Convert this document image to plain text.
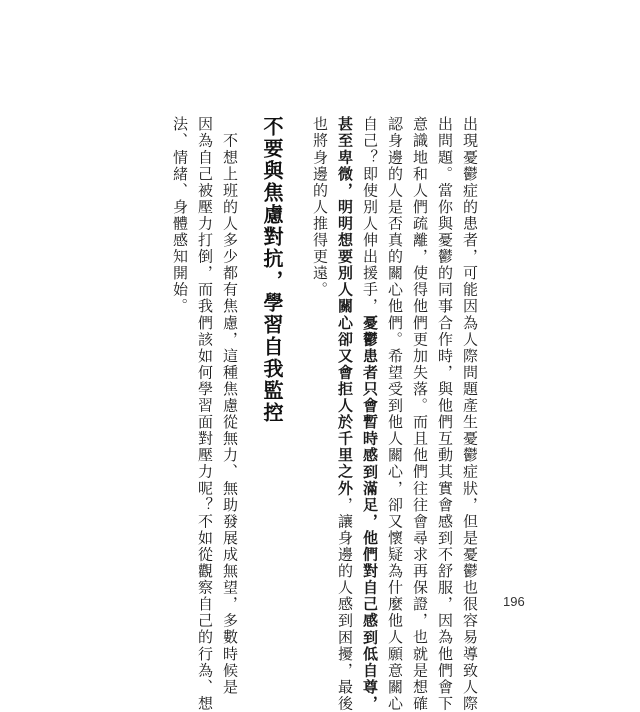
出現憂鬱症的患者，可能因為人際問題產生憂鬱症狀，但是憂鬱也很容易導致人際
出問題。當你與憂鬱的同事合作時，與他們互動其實會感到不舒服，因為他們會下
意識地和人們疏離，使得他們更加失落。而且他們往往會尋求再保證，也就是想確
認身邊的人是否真的關心他們。希望受到他人關心，卻又懷疑為什麼他人願意關心
自己？即使別人伸出援手，憂鬱患者只會暫時感到滿足，他們對自己感到低自尊，
甚至卑微，明明想要別人關心卻又會拒人於千里之外，讓身邊的人感到困擾，最後
也將身邊的人推得更遠。
不要與焦慮對抗，學習自我監控
　不想上班的人多少都有焦慮，這種焦慮從無力、無助發展成無望，多數時候是
因為自己被壓力打倒，而我們該如何學習面對壓力呢？不如從觀察自己的行為、想
法、情緒、身體感知開始。
196
